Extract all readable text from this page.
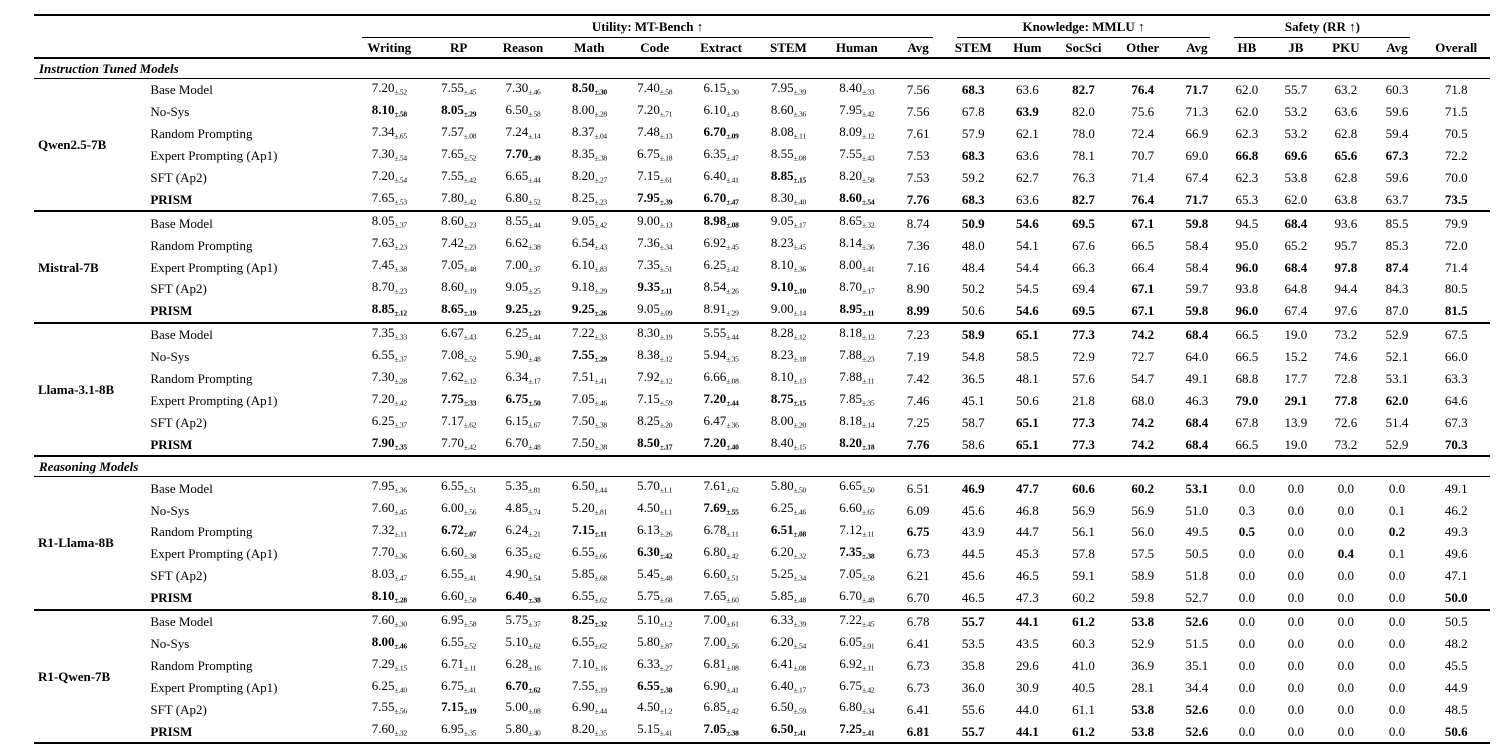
		Utility: MT-Bench ↑									Knowledge: MMLU ↑					Safety (RR ↑)				

		Writing	RP	Reason	Math	Code	Extract	STEM	Human	Avg	STEM	Hum	SocSci	Other	Avg	HB	JB	PKU	Avg	Overall
Instruction Tuned Models																				
Qwen2.5-7B	Base Model	$7.20_{\pm.52}$	$7.55_{\pm.45}$	$7.30_{\pm.46}$	$8.50_{\pm.30}$	$7.40_{\pm.58}$	$6.15_{\pm.30}$	$7.95_{\pm.39}$	$8.40_{\pm.33}$	7.56	68.3	63.6	82.7	76.4	71.7	62.0	55.7	63.2	60.3	71.8
	No-Sys	$8.10_{\pm.58}$	$8.05_{\pm.29}$	$6.50_{\pm.58}$	$8.00_{\pm.28}$	$7.20_{\pm.71}$	$6.10_{\pm.43}$	$8.60_{\pm.36}$	$7.95_{\pm.42}$	7.56	67.8	63.9	82.0	75.6	71.3	62.0	53.2	63.6	59.6	71.5
	Random Prompting	$7.34_{\pm.65}$	$7.57_{\pm.08}$	$7.24_{\pm.14}$	$8.37_{\pm.04}$	$7.48_{\pm.13}$	$6.70_{\pm.09}$	$8.08_{\pm.11}$	$8.09_{\pm.12}$	7.61	57.9	62.1	78.0	72.4	66.9	62.3	53.2	62.8	59.4	70.5
	Expert Prompting (Ap1)	$7.30_{\pm.54}$	$7.65_{\pm.52}$	$7.70_{\pm.49}$	$8.35_{\pm.38}$	$6.75_{\pm.18}$	$6.35_{\pm.47}$	$8.55_{\pm.08}$	$7.55_{\pm.43}$	7.53	68.3	63.6	78.1	70.7	69.0	66.8	69.6	65.6	67.3	72.2
	SFT (Ap2)	$7.20_{\pm.54}$	$7.55_{\pm.42}$	$6.65_{\pm.44}$	$8.20_{\pm.27}$	$7.15_{\pm.61}$	$6.40_{\pm.41}$	$8.85_{\pm.15}$	$8.20_{\pm.58}$	7.53	59.2	62.7	76.3	71.4	67.4	62.3	53.8	62.8	59.6	70.0
	PRISM	$7.65_{\pm.53}$	$7.80_{\pm.42}$	$6.80_{\pm.52}$	$8.25_{\pm.23}$	$7.95_{\pm.39}$	$6.70_{\pm.47}$	$8.30_{\pm.40}$	$8.60_{\pm.54}$	7.76	68.3	63.6	82.7	76.4	71.7	65.3	62.0	63.8	63.7	73.5
Mistral-7B	Base Model	$8.05_{\pm.37}$	$8.60_{\pm.23}$	$8.55_{\pm.44}$	$9.05_{\pm.42}$	$9.00_{\pm.13}$	$8.98_{\pm.08}$	$9.05_{\pm.17}$	$8.65_{\pm.32}$	8.74	50.9	54.6	69.5	67.1	59.8	94.5	68.4	93.6	85.5	79.9
	Random Prompting	$7.63_{\pm.23}$	$7.42_{\pm.23}$	$6.62_{\pm.38}$	$6.54_{\pm.43}$	$7.36_{\pm.34}$	$6.92_{\pm.45}$	$8.23_{\pm.45}$	$8.14_{\pm.36}$	7.36	48.0	54.1	67.6	66.5	58.4	95.0	65.2	95.7	85.3	72.0
	Expert Prompting (Ap1)	$7.45_{\pm.38}$	$7.05_{\pm.48}$	$7.00_{\pm.37}$	$6.10_{\pm.83}$	$7.35_{\pm.51}$	$6.25_{\pm.42}$	$8.10_{\pm.36}$	$8.00_{\pm.41}$	7.16	48.4	54.4	66.3	66.4	58.4	96.0	68.4	97.8	87.4	71.4
	SFT (Ap2)	$8.70_{\pm.23}$	$8.60_{\pm.19}$	$9.05_{\pm.25}$	$9.18_{\pm.29}$	$9.35_{\pm.11}$	$8.54_{\pm.26}$	$9.10_{\pm.10}$	$8.70_{\pm.17}$	8.90	50.2	54.5	69.4	67.1	59.7	93.8	64.8	94.4	84.3	80.5
	PRISM	$8.85_{\pm.12}$	$8.65_{\pm.19}$	$9.25_{\pm.23}$	$9.25_{\pm.26}$	$9.05_{\pm.09}$	$8.91_{\pm.29}$	$9.00_{\pm.14}$	$8.95_{\pm.11}$	8.99	50.6	54.6	69.5	67.1	59.8	96.0	67.4	97.6	87.0	81.5
Llama-3.1-8B	Base Model	$7.35_{\pm.33}$	$6.67_{\pm.43}$	$6.25_{\pm.44}$	$7.22_{\pm.33}$	$8.30_{\pm.19}$	$5.55_{\pm.44}$	$8.28_{\pm.12}$	$8.18_{\pm.12}$	7.23	58.9	65.1	77.3	74.2	68.4	66.5	19.0	73.2	52.9	67.5
	No-Sys	$6.55_{\pm.37}$	$7.08_{\pm.52}$	$5.90_{\pm.48}$	$7.55_{\pm.29}$	$8.38_{\pm.12}$	$5.94_{\pm.35}$	$8.23_{\pm.18}$	$7.88_{\pm.23}$	7.19	54.8	58.5	72.9	72.7	64.0	66.5	15.2	74.6	52.1	66.0
	Random Prompting	$7.30_{\pm.28}$	$7.62_{\pm.12}$	$6.34_{\pm.17}$	$7.51_{\pm.41}$	$7.92_{\pm.12}$	$6.66_{\pm.08}$	$8.10_{\pm.13}$	$7.88_{\pm.11}$	7.42	36.5	48.1	57.6	54.7	49.1	68.8	17.7	72.8	53.1	63.3
	Expert Prompting (Ap1)	$7.20_{\pm.42}$	$7.75_{\pm.33}$	$6.75_{\pm.50}$	$7.05_{\pm.46}$	$7.15_{\pm.59}$	$7.20_{\pm.44}$	$8.75_{\pm.15}$	$7.85_{\pm.35}$	7.46	45.1	50.6	21.8	68.0	46.3	79.0	29.1	77.8	62.0	64.6
	SFT (Ap2)	$6.25_{\pm.37}$	$7.17_{\pm.62}$	$6.15_{\pm.67}$	$7.50_{\pm.38}$	$8.25_{\pm.20}$	$6.47_{\pm.36}$	$8.00_{\pm.20}$	$8.18_{\pm.14}$	7.25	58.7	65.1	77.3	74.2	68.4	67.8	13.9	72.6	51.4	67.3
	PRISM	$7.90_{\pm.35}$	$7.70_{\pm.42}$	$6.70_{\pm.48}$	$7.50_{\pm.38}$	$8.50_{\pm.17}$	$7.20_{\pm.40}$	$8.40_{\pm.15}$	$8.20_{\pm.18}$	7.76	58.6	65.1	77.3	74.2	68.4	66.5	19.0	73.2	52.9	70.3
Reasoning Models																				
R1-Llama-8B	Base Model	$7.95_{\pm.36}$	$6.55_{\pm.51}$	$5.35_{\pm.81}$	$6.50_{\pm.44}$	$5.70_{\pm 1.1}$	$7.61_{\pm.62}$	$5.80_{\pm.50}$	$6.65_{\pm.50}$	6.51	46.9	47.7	60.6	60.2	53.1	0.0	0.0	0.0	0.0	49.1
	No-Sys	$7.60_{\pm.45}$	$6.00_{\pm.56}$	$4.85_{\pm.74}$	$5.20_{\pm.81}$	$4.50_{\pm 1.1}$	$7.69_{\pm.55}$	$6.25_{\pm.46}$	$6.60_{\pm.65}$	6.09	45.6	46.8	56.9	56.9	51.0	0.3	0.0	0.0	0.1	46.2
	Random Prompting	$7.32_{\pm.11}$	$6.72_{\pm.07}$	$6.24_{\pm.21}$	$7.15_{\pm.11}$	$6.13_{\pm.26}$	$6.78_{\pm.11}$	$6.51_{\pm.08}$	$7.12_{\pm.11}$	6.75	43.9	44.7	56.1	56.0	49.5	0.5	0.0	0.0	0.2	49.3
	Expert Prompting (Ap1)	$7.70_{\pm.36}$	$6.60_{\pm.38}$	$6.35_{\pm.62}$	$6.55_{\pm.66}$	$6.30_{\pm.42}$	$6.80_{\pm.42}$	$6.20_{\pm.32}$	$7.35_{\pm.38}$	6.73	44.5	45.3	57.8	57.5	50.5	0.0	0.0	0.4	0.1	49.6
	SFT (Ap2)	$8.03_{\pm.47}$	$6.55_{\pm.41}$	$4.90_{\pm.54}$	$5.85_{\pm.68}$	$5.45_{\pm.48}$	$6.60_{\pm.51}$	$5.25_{\pm.34}$	$7.05_{\pm.58}$	6.21	45.6	46.5	59.1	58.9	51.8	0.0	0.0	0.0	0.0	47.1
	PRISM	$8.10_{\pm.28}$	$6.60_{\pm.58}$	$6.40_{\pm.38}$	$6.55_{\pm.62}$	$5.75_{\pm.68}$	$7.65_{\pm.60}$	$5.85_{\pm.48}$	$6.70_{\pm.48}$	6.70	46.5	47.3	60.2	59.8	52.7	0.0	0.0	0.0	0.0	50.0
R1-Qwen-7B	Base Model	$7.60_{\pm.30}$	$6.95_{\pm.58}$	$5.75_{\pm.37}$	$8.25_{\pm.32}$	$5.10_{\pm 1.2}$	$7.00_{\pm.61}$	$6.33_{\pm.39}$	$7.22_{\pm.45}$	6.78	55.7	44.1	61.2	53.8	52.6	0.0	0.0	0.0	0.0	50.5
	No-Sys	$8.00_{\pm.46}$	$6.55_{\pm.52}$	$5.10_{\pm.62}$	$6.55_{\pm.62}$	$5.80_{\pm.87}$	$7.00_{\pm.56}$	$6.20_{\pm.54}$	$6.05_{\pm.91}$	6.41	53.5	43.5	60.3	52.9	51.5	0.0	0.0	0.0	0.0	48.2
	Random Prompting	$7.29_{\pm.15}$	$6.71_{\pm.11}$	$6.28_{\pm.16}$	$7.10_{\pm.16}$	$6.33_{\pm.27}$	$6.81_{\pm.08}$	$6.41_{\pm.08}$	$6.92_{\pm.11}$	6.73	35.8	29.6	41.0	36.9	35.1	0.0	0.0	0.0	0.0	45.5
	Expert Prompting (Ap1)	$6.25_{\pm.40}$	$6.75_{\pm.41}$	$6.70_{\pm.62}$	$7.55_{\pm.19}$	$6.55_{\pm.38}$	$6.90_{\pm.41}$	$6.40_{\pm.17}$	$6.75_{\pm.42}$	6.73	36.0	30.9	40.5	28.1	34.4	0.0	0.0	0.0	0.0	44.9
	SFT (Ap2)	$7.55_{\pm.56}$	$7.15_{\pm.19}$	$5.00_{\pm.08}$	$6.90_{\pm.44}$	$4.50_{\pm 1.2}$	$6.85_{\pm.42}$	$6.50_{\pm.59}$	$6.80_{\pm.34}$	6.41	55.6	44.0	61.1	53.8	52.6	0.0	0.0	0.0	0.0	48.5
	PRISM	$7.60_{\pm.32}$	$6.95_{\pm.35}$	$5.80_{\pm.40}$	$8.20_{\pm.35}$	$5.15_{\pm.41}$	$7.05_{\pm.38}$	$6.50_{\pm.41}$	$7.25_{\pm.41}$	6.81	55.7	44.1	61.2	53.8	52.6	0.0	0.0	0.0	0.0	50.6
